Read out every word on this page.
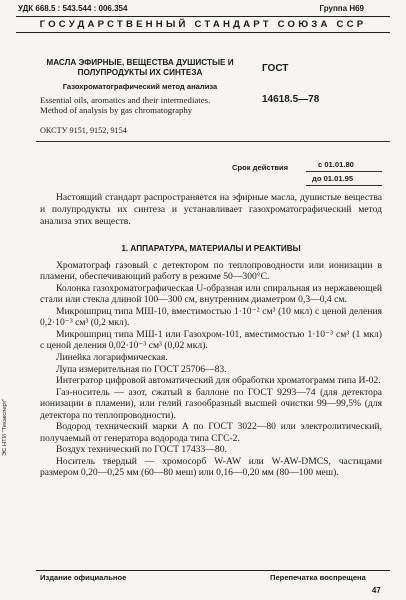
УДК 668.5 : 543.544 : 006.354	Группа Н69
ГОСУДАРСТВЕННЫЙ СТАНДАРТ СОЮЗА ССР
МАСЛА ЭФИРНЫЕ, ВЕЩЕСТВА ДУШИСТЫЕ И ПОЛУПРОДУКТЫ ИХ СИНТЕЗА
Газохроматографический метод анализа
Essential oils, aromatics and their intermediates.
Method of analysis by gas chromatography
ГОСТ
14618.5—78
ОКСТУ 9151, 9152, 9154
Срок действия	с 01.01.80
до 01.01.95
Настоящий стандарт распространяется на эфирные масла, душистые вещества и полупродукты их синтеза и устанавливает газохроматографический метод анализа этих веществ.
1. АППАРАТУРА, МАТЕРИАЛЫ И РЕАКТИВЫ

Хроматограф газовый с детектором по теплопроводности или ионизации в пламени, обеспечивающий работу в режиме 50—300°С.

Колонка газохроматографическая U-образная или спиральная из нержавеющей стали или стекла длиной 100—300 см, внутренним диаметром 0,3—0,4 см.

Микрошприц типа МШ-10, вместимостью 1·10⁻² см³ (10 мкл) с ценой деления 0,2·10⁻³ см³ (0,2 мкл).

Микрошприц типа МШ-1 или Газохром-101, вместимостью 1·10⁻³ см³ (1 мкл) с ценой деления 0,02·10⁻³ см³ (0,02 мкл).

Линейка логарифмическая.

Лупа измерительная по ГОСТ 25706—83.

Интегратор цифровой автоматический для обработки хроматограмм типа И-02.

Газ-носитель — азот, сжатый в баллоне по ГОСТ 9293—74 (для детектора ионизации в пламени), или гелий газообразный высшей очистки 99—99,5% (для детектора по теплопроводности).

Водород технический марки А по ГОСТ 3022—80 или электролитический, получаемый от генератора водорода типа СГС-2.

Воздух технический по ГОСТ 17433—80.

Носитель твердый — хромосорб W-AW или W-AW-DMCS, частицами размером 0,20—0,25 мм (60—80 меш) или 0,16—0,20 мм (80—100 меш).

ЭС НТИ "Техэксперт"
Издание официальное	Перепечатка воспрещена
47
